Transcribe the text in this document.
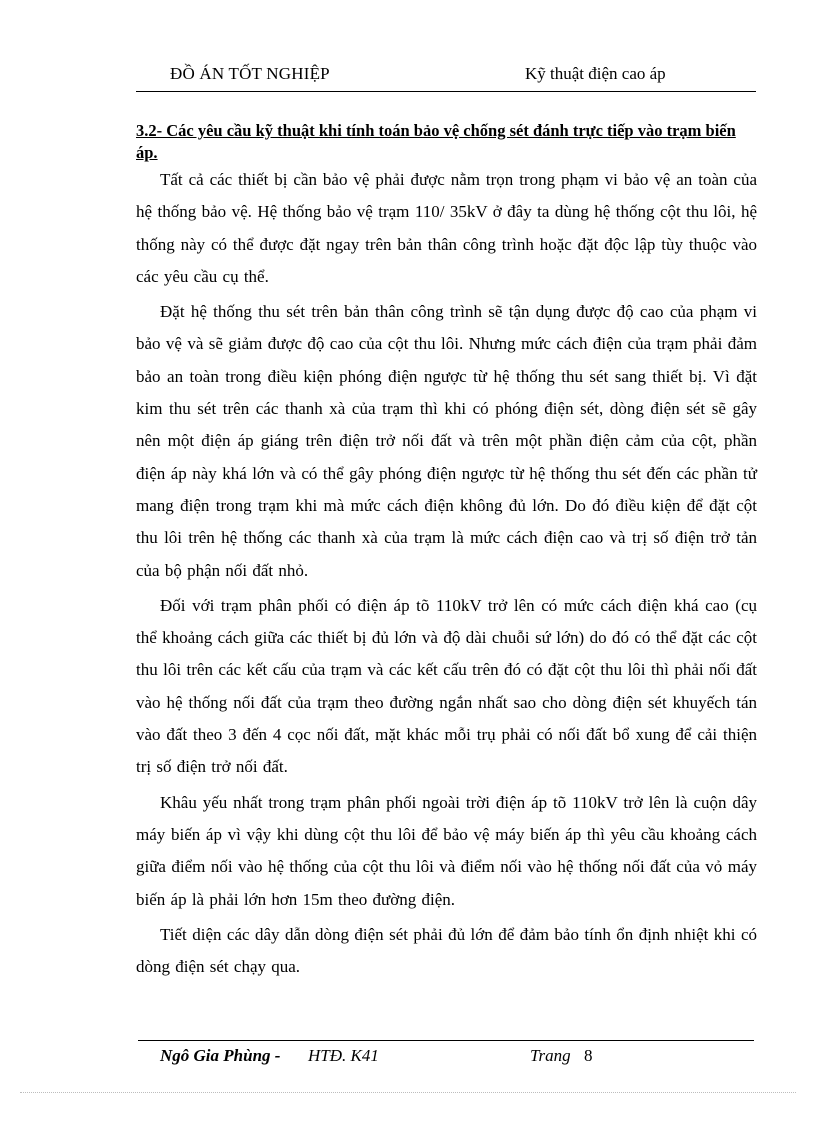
ĐỒ ÁN TỐT NGHIỆP	Kỹ thuật điện cao áp
3.2- Các yêu cầu kỹ thuật khi tính toán bảo vệ chống sét đánh trực tiếp vào trạm biến áp.

Tất cả các thiết bị cần bảo vệ phải được nằm trọn trong phạm vi bảo vệ an toàn của hệ thống bảo vệ. Hệ thống bảo vệ trạm 110/ 35kV ở đây ta dùng hệ thống cột thu lôi, hệ thống này có thể được đặt ngay trên bản thân công trình hoặc đặt độc lập tùy thuộc vào các yêu cầu cụ thể.

Đặt hệ thống thu sét trên bản thân công trình sẽ tận dụng được độ cao của phạm vi bảo vệ và sẽ giảm được độ cao của cột thu lôi. Nhưng mức cách điện của trạm phải đảm bảo an toàn trong điều kiện phóng điện ngược từ hệ thống thu sét sang thiết bị. Vì đặt kim thu sét trên các thanh xà của trạm thì khi có phóng điện sét, dòng điện sét sẽ gây nên một điện áp giáng trên điện trở nối đất và trên một phần điện cảm của cột, phần điện áp này khá lớn và có thể gây phóng điện ngược từ hệ thống thu sét đến các phần tử mang điện trong trạm khi mà mức cách điện không đủ lớn. Do đó điều kiện để đặt cột thu lôi trên hệ thống các thanh xà của trạm là mức cách điện cao và trị số điện trở tản của bộ phận nối đất nhỏ.

Đối với trạm phân phối có điện áp tõ 110kV trở lên có mức cách điện khá cao (cụ thể khoảng cách giữa các thiết bị đủ lớn và độ dài chuỗi sứ lớn) do đó có thể đặt các cột thu lôi trên các kết cấu của trạm và các kết cấu trên đó có đặt cột thu lôi thì phải nối đất vào hệ thống nối đất của trạm theo đường ngắn nhất sao cho dòng điện sét khuyếch tán vào đất theo 3 đến 4 cọc nối đất, mặt khác mỗi trụ phải có nối đất bổ xung để cải thiện trị số điện trở nối đất.

Khâu yếu nhất trong trạm phân phối ngoài trời điện áp tõ 110kV trở lên là cuộn dây máy biến áp vì vậy khi dùng cột thu lôi để bảo vệ máy biến áp thì yêu cầu khoảng cách giữa điểm nối vào hệ thống của cột thu lôi và điểm nối vào hệ thống nối đất của vỏ máy biến áp là phải lớn hơn 15m theo đường điện.

Tiết diện các dây dẫn dòng điện sét phải đủ lớn để đảm bảo tính ổn định nhiệt khi có dòng điện sét chạy qua.

Ngô Gia Phùng - HTĐ. K41	Trang 8
